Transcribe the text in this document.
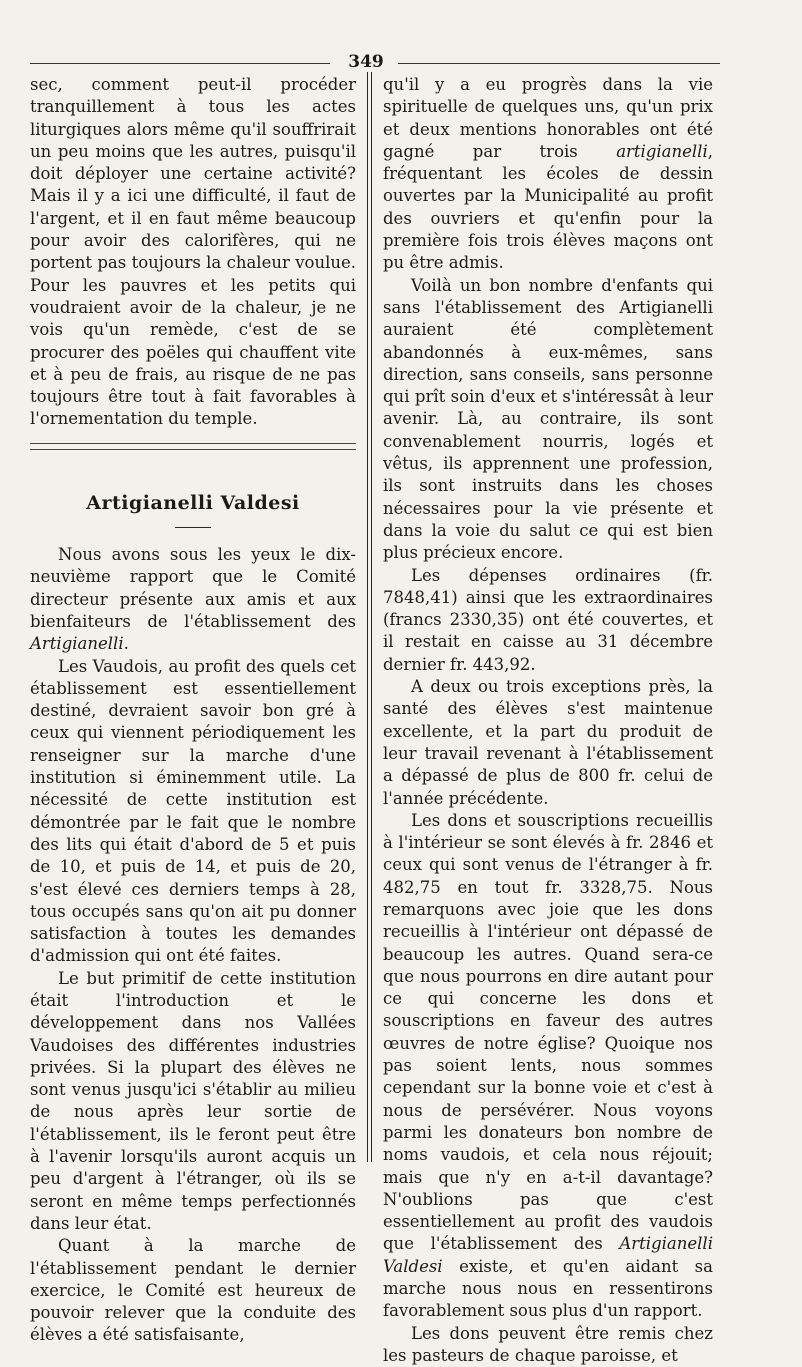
349

sec, comment peut-il procéder tranquillement à tous les actes liturgiques alors même qu'il souffrirait un peu moins que les autres, puisqu'il doit déployer une certaine activité? Mais il y a ici une difficulté, il faut de l'argent, et il en faut même beaucoup pour avoir des calorifères, qui ne portent pas toujours la chaleur voulue. Pour les pauvres et les petits qui voudraient avoir de la chaleur, je ne vois qu'un remède, c'est de se procurer des poëles qui chauffent vite et à peu de frais, au risque de ne pas toujours être tout à fait favorables à l'ornementation du temple.

Artigianelli Valdesi

Nous avons sous les yeux le dix-neuvième rapport que le Comité directeur présente aux amis et aux bienfaiteurs de l'établissement des Artigianelli.

Les Vaudois, au profit des quels cet établissement est essentiellement destiné, devraient savoir bon gré à ceux qui viennent périodiquement les renseigner sur la marche d'une institution si éminemment utile. La nécessité de cette institution est démontrée par le fait que le nombre des lits qui était d'abord de 5 et puis de 10, et puis de 14, et puis de 20, s'est élevé ces derniers temps à 28, tous occupés sans qu'on ait pu donner satisfaction à toutes les demandes d'admission qui ont été faites.

Le but primitif de cette institution était l'introduction et le développement dans nos Vallées Vaudoises des différentes industries privées. Si la plupart des élèves ne sont venus jusqu'ici s'établir au milieu de nous après leur sortie de l'établissement, ils le feront peut être à l'avenir lorsqu'ils auront acquis un peu d'argent à l'étranger, où ils se seront en même temps perfectionnés dans leur état.

Quant à la marche de l'établissement pendant le dernier exercice, le Comité est heureux de pouvoir relever que la conduite des élèves a été satisfaisante,

qu'il y a eu progrès dans la vie spirituelle de quelques uns, qu'un prix et deux mentions honorables ont été gagné par trois artigianelli, fréquentant les écoles de dessin ouvertes par la Municipalité au profit des ouvriers et qu'enfin pour la première fois trois élèves maçons ont pu être admis.

Voilà un bon nombre d'enfants qui sans l'établissement des Artigianelli auraient été complètement abandonnés à eux-mêmes, sans direction, sans conseils, sans personne qui prît soin d'eux et s'intéressât à leur avenir. Là, au contraire, ils sont convenablement nourris, logés et vêtus, ils apprennent une profession, ils sont instruits dans les choses nécessaires pour la vie présente et dans la voie du salut ce qui est bien plus précieux encore.

Les dépenses ordinaires (fr. 7848,41) ainsi que les extraordinaires (francs 2330,35) ont été couvertes, et il restait en caisse au 31 décembre dernier fr. 443,92.

A deux ou trois exceptions près, la santé des élèves s'est maintenue excellente, et la part du produit de leur travail revenant à l'établissement a dépassé de plus de 800 fr. celui de l'année précédente.

Les dons et souscriptions recueillis à l'intérieur se sont élevés à fr. 2846 et ceux qui sont venus de l'étranger à fr. 482,75 en tout fr. 3328,75. Nous remarquons avec joie que les dons recueillis à l'intérieur ont dépassé de beaucoup les autres. Quand sera-ce que nous pourrons en dire autant pour ce qui concerne les dons et souscriptions en faveur des autres œuvres de notre église? Quoique nos pas soient lents, nous sommes cependant sur la bonne voie et c'est à nous de persévérer. Nous voyons parmi les donateurs bon nombre de noms vaudois, et cela nous réjouit; mais que n'y en a-t-il davantage? N'oublions pas que c'est essentiellement au profit des vaudois que l'établissement des Artigianelli Valdesi existe, et qu'en aidant sa marche nous nous en ressentirons favorablement sous plus d'un rapport.

Les dons peuvent être remis chez les pasteurs de chaque paroisse, et
